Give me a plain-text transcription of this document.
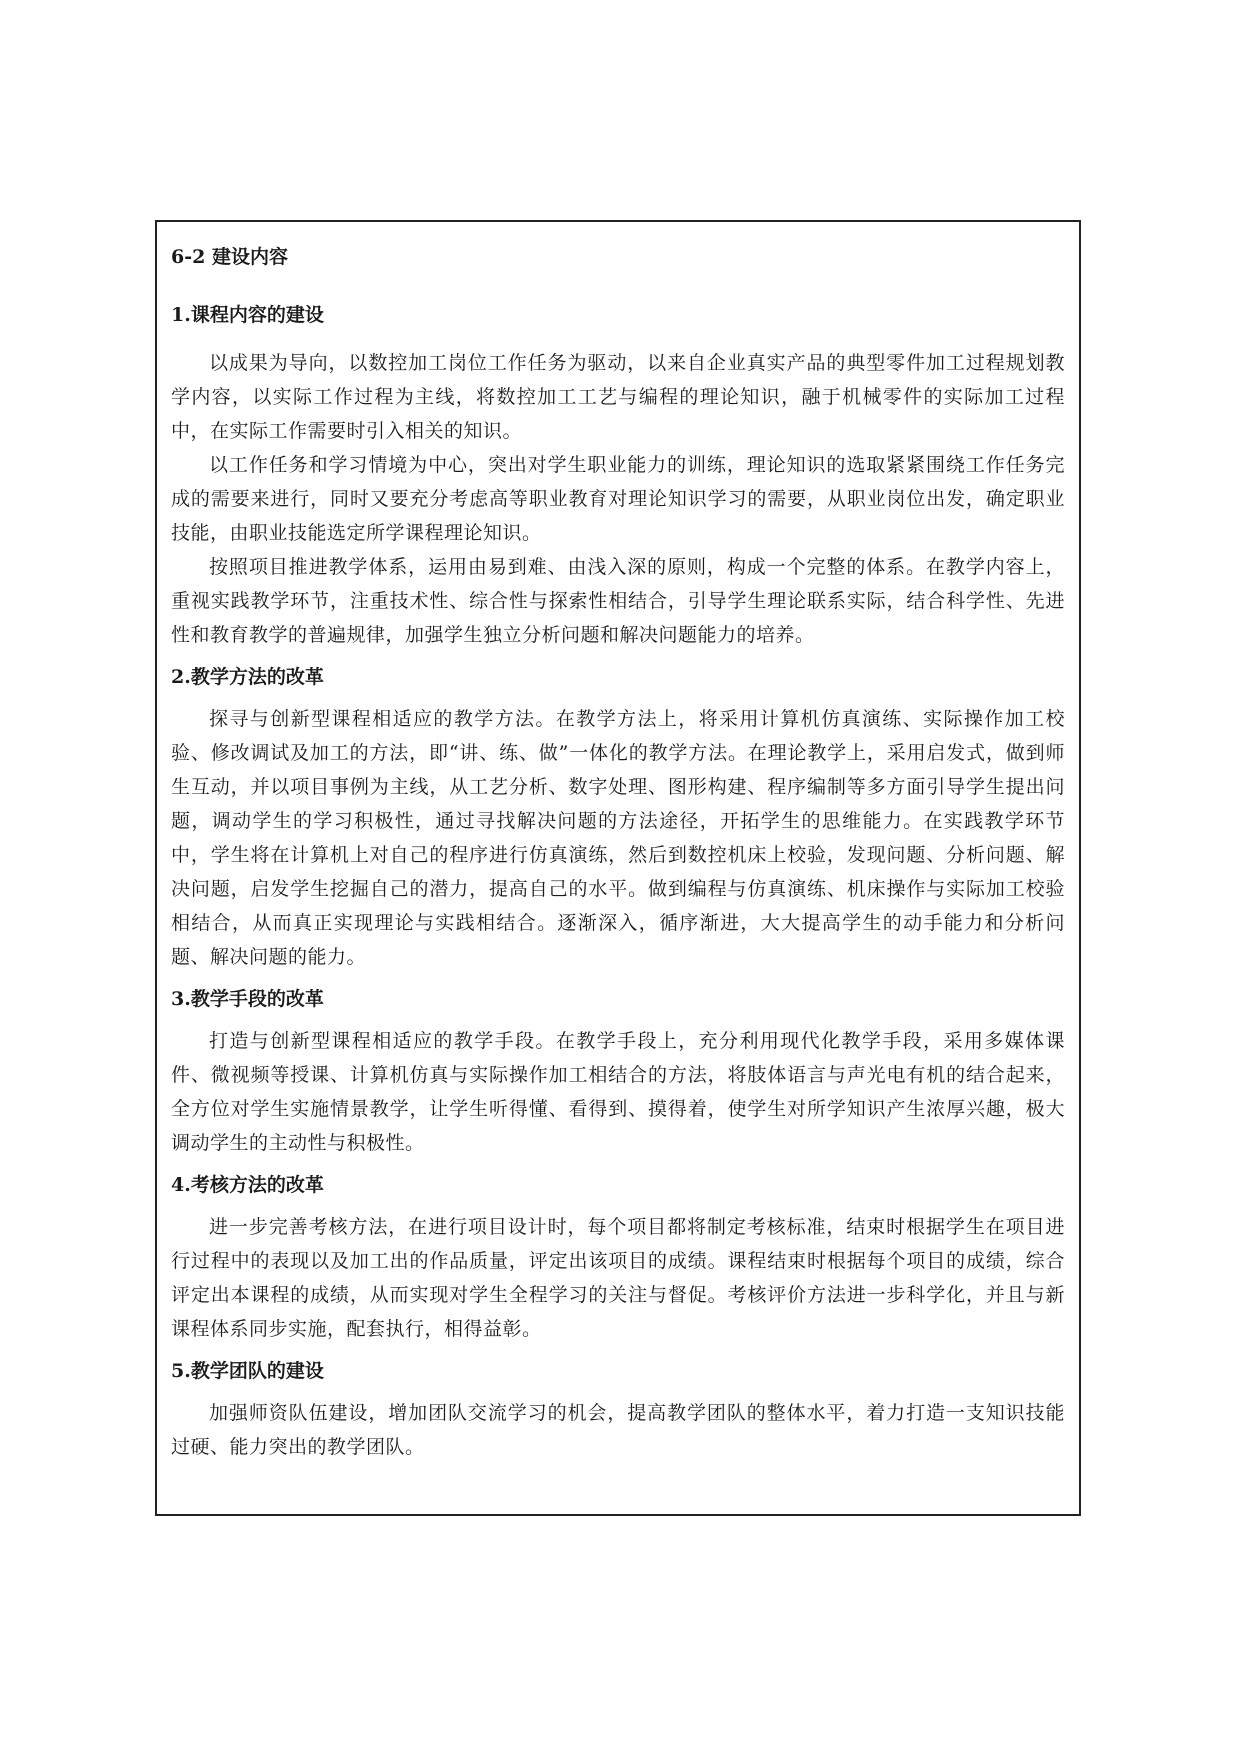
6-2 建设内容
1.课程内容的建设

以成果为导向，以数控加工岗位工作任务为驱动，以来自企业真实产品的典型零件加工过程规划教学内容，以实际工作过程为主线，将数控加工工艺与编程的理论知识，融于机械零件的实际加工过程中，在实际工作需要时引入相关的知识。

以工作任务和学习情境为中心，突出对学生职业能力的训练，理论知识的选取紧紧围绕工作任务完成的需要来进行，同时又要充分考虑高等职业教育对理论知识学习的需要，从职业岗位出发，确定职业技能，由职业技能选定所学课程理论知识。

按照项目推进教学体系，运用由易到难、由浅入深的原则，构成一个完整的体系。在教学内容上，重视实践教学环节，注重技术性、综合性与探索性相结合，引导学生理论联系实际，结合科学性、先进性和教育教学的普遍规律，加强学生独立分析问题和解决问题能力的培养。

2.教学方法的改革

探寻与创新型课程相适应的教学方法。在教学方法上，将采用计算机仿真演练、实际操作加工校验、修改调试及加工的方法，即“讲、练、做”一体化的教学方法。在理论教学上，采用启发式，做到师生互动，并以项目事例为主线，从工艺分析、数字处理、图形构建、程序编制等多方面引导学生提出问题，调动学生的学习积极性，通过寻找解决问题的方法途径，开拓学生的思维能力。在实践教学环节中，学生将在计算机上对自己的程序进行仿真演练，然后到数控机床上校验，发现问题、分析问题、解决问题，启发学生挖掘自己的潜力，提高自己的水平。做到编程与仿真演练、机床操作与实际加工校验相结合，从而真正实现理论与实践相结合。逐渐深入，循序渐进，大大提高学生的动手能力和分析问题、解决问题的能力。

3.教学手段的改革

打造与创新型课程相适应的教学手段。在教学手段上，充分利用现代化教学手段，采用多媒体课件、微视频等授课、计算机仿真与实际操作加工相结合的方法，将肢体语言与声光电有机的结合起来，全方位对学生实施情景教学，让学生听得懂、看得到、摸得着，使学生对所学知识产生浓厚兴趣，极大调动学生的主动性与积极性。

4.考核方法的改革

进一步完善考核方法，在进行项目设计时，每个项目都将制定考核标准，结束时根据学生在项目进行过程中的表现以及加工出的作品质量，评定出该项目的成绩。课程结束时根据每个项目的成绩，综合评定出本课程的成绩，从而实现对学生全程学习的关注与督促。考核评价方法进一步科学化，并且与新课程体系同步实施，配套执行，相得益彰。

5.教学团队的建设

加强师资队伍建设，增加团队交流学习的机会，提高教学团队的整体水平，着力打造一支知识技能过硬、能力突出的教学团队。
